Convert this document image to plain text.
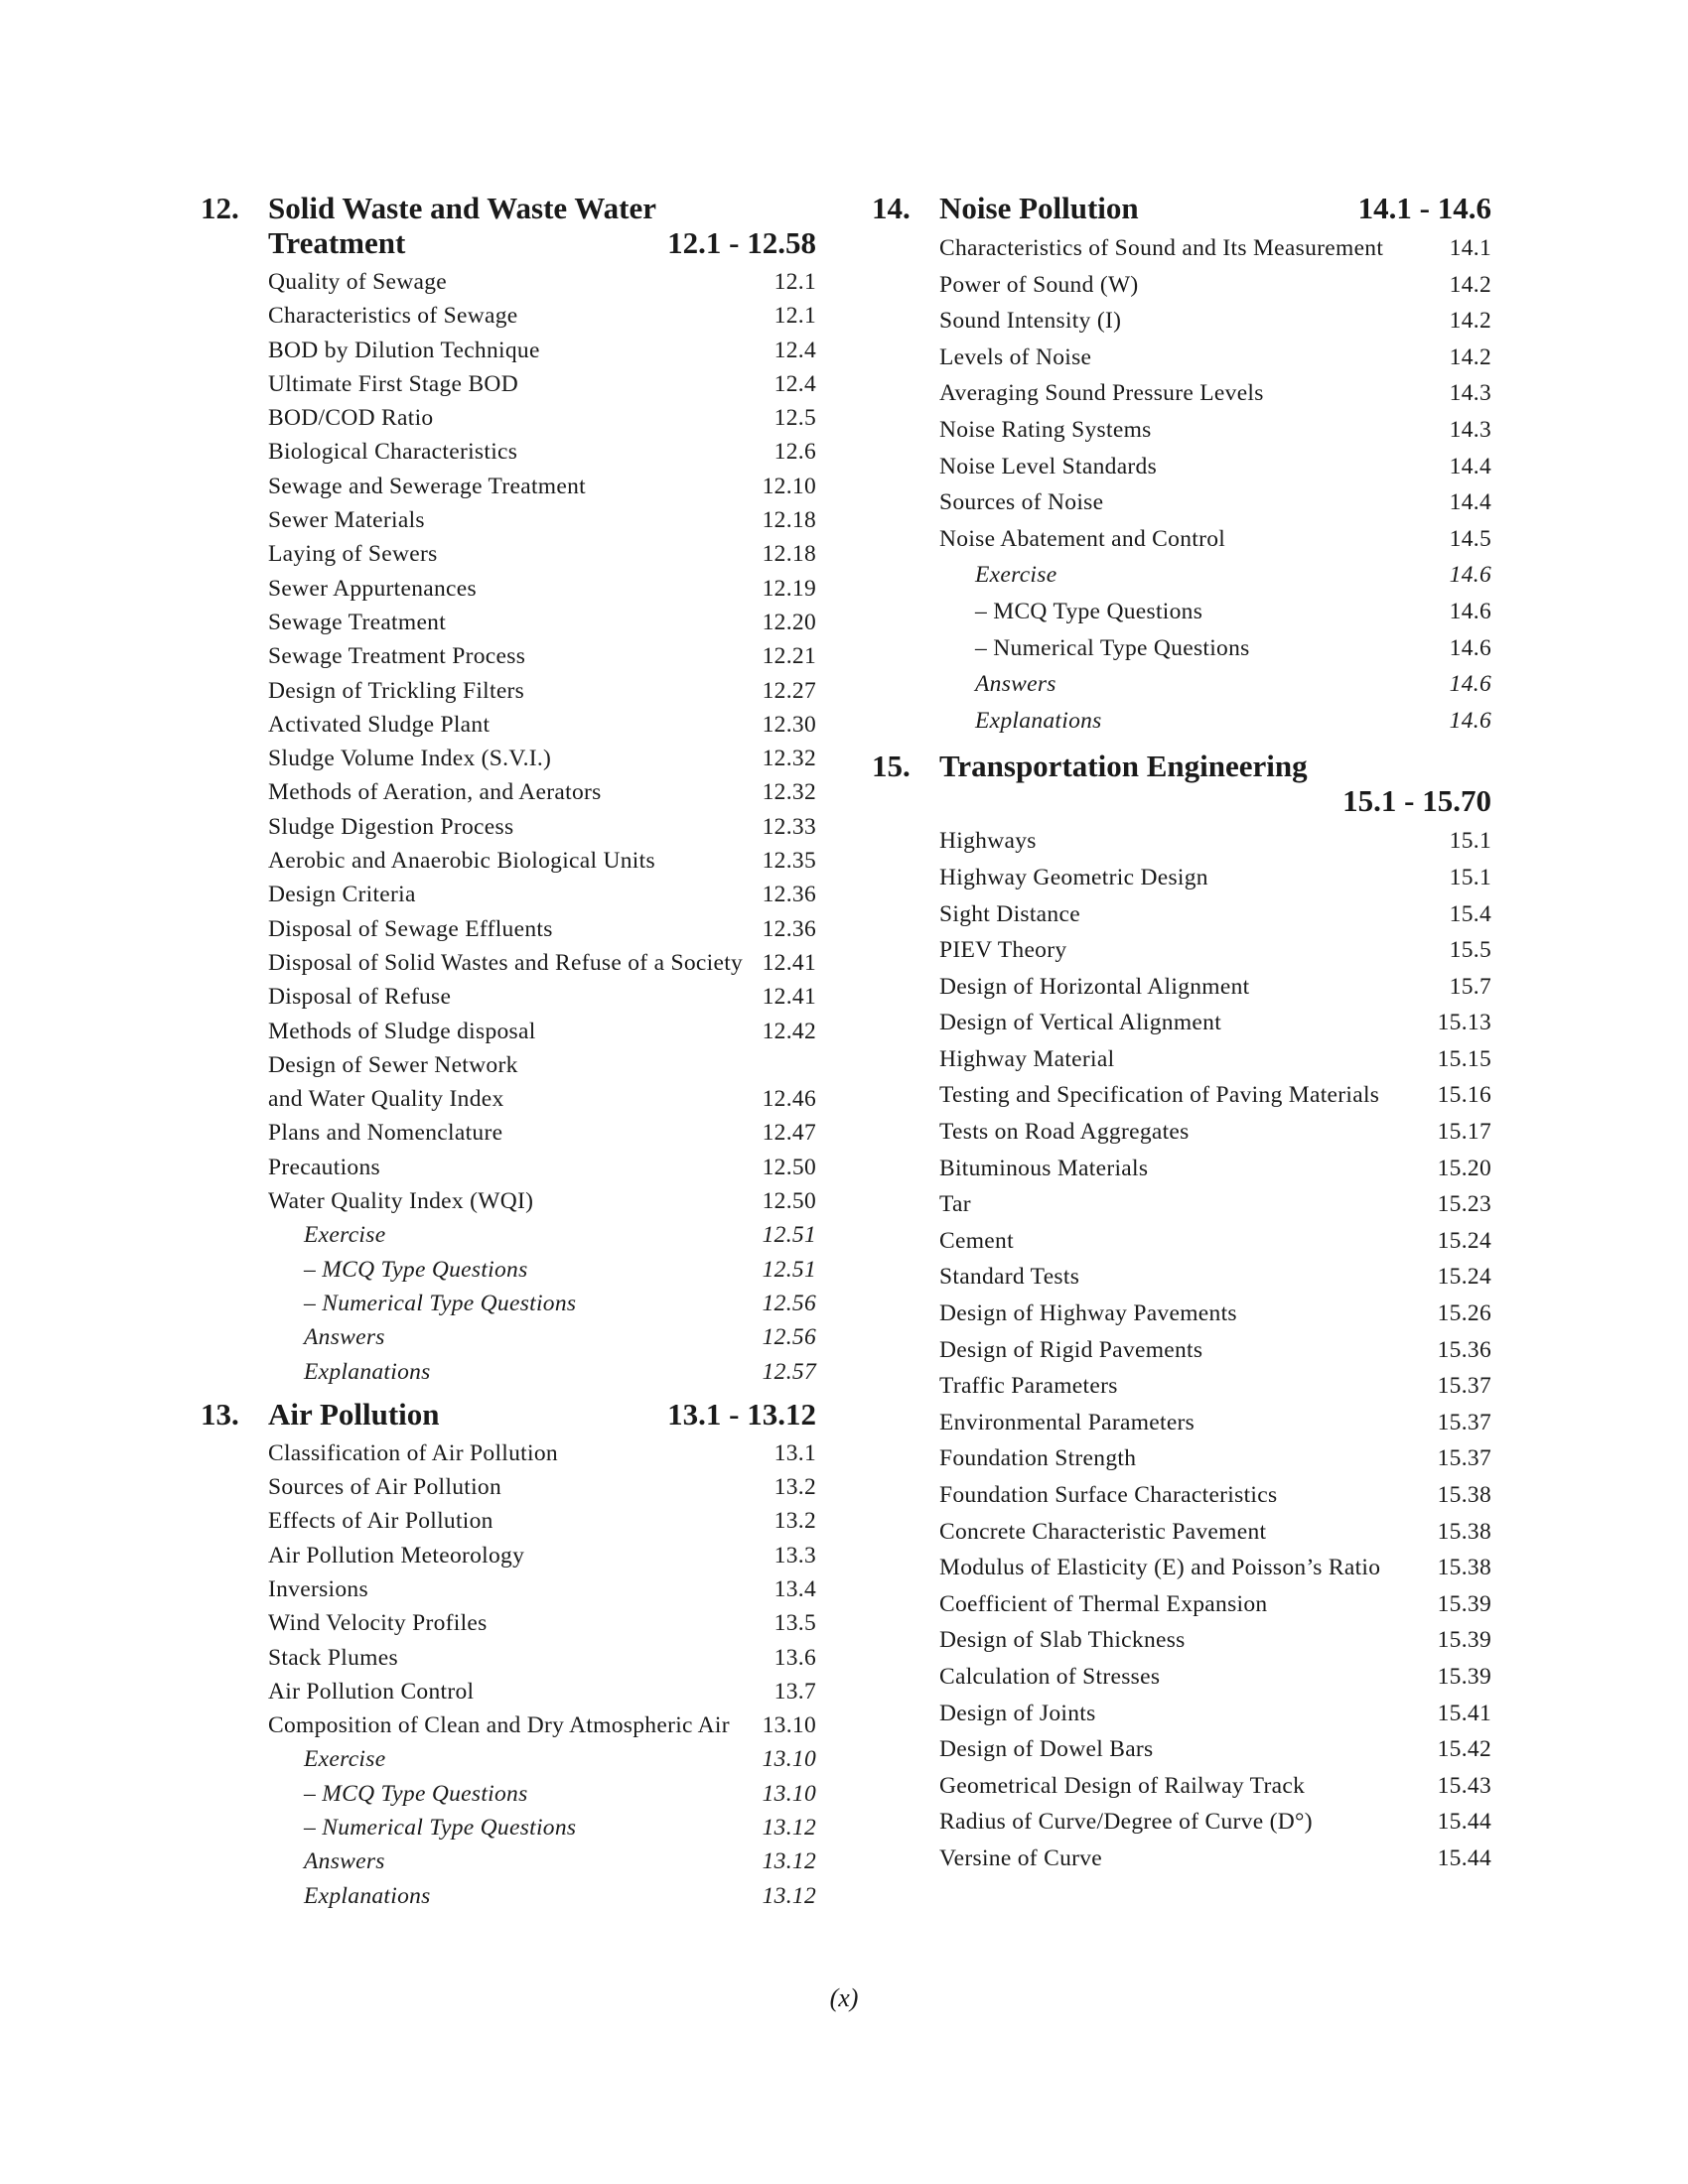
12. Solid Waste and Waste Water
Treatment	12.1 - 12.58
Quality of Sewage	12.1
Characteristics of Sewage	12.1
BOD by Dilution Technique	12.4
Ultimate First Stage BOD	12.4
BOD/COD Ratio	12.5
Biological Characteristics	12.6
Sewage and Sewerage Treatment	12.10
Sewer Materials	12.18
Laying of Sewers	12.18
Sewer Appurtenances	12.19
Sewage Treatment	12.20
Sewage Treatment Process	12.21
Design of Trickling Filters	12.27
Activated Sludge Plant	12.30
Sludge Volume Index (S.V.I.)	12.32
Methods of Aeration, and Aerators	12.32
Sludge Digestion Process	12.33
Aerobic and Anaerobic Biological Units	12.35
Design Criteria	12.36
Disposal of Sewage Effluents	12.36
Disposal of Solid Wastes and Refuse of a Society 12.41
Disposal of Refuse	12.41
Methods of Sludge disposal	12.42
Design of Sewer Network
and Water Quality Index	12.46
Plans and Nomenclature	12.47
Precautions	12.50
Water Quality Index (WQI)	12.50
Exercise	12.51
– MCQ Type Questions	12.51
– Numerical Type Questions	12.56
Answers	12.56
Explanations	12.57
13. Air Pollution	13.1 - 13.12
Classification of Air Pollution	13.1
Sources of Air Pollution	13.2
Effects of Air Pollution	13.2
Air Pollution Meteorology	13.3
Inversions	13.4
Wind Velocity Profiles	13.5
Stack Plumes	13.6
Air Pollution Control	13.7
Composition of Clean and Dry Atmospheric Air	13.10
Exercise	13.10
– MCQ Type Questions	13.10
– Numerical Type Questions	13.12
Answers	13.12
Explanations	13.12
14. Noise Pollution	14.1 - 14.6
Characteristics of Sound and Its Measurement	14.1
Power of Sound (W)	14.2
Sound Intensity (I)	14.2
Levels of Noise	14.2
Averaging Sound Pressure Levels	14.3
Noise Rating Systems	14.3
Noise Level Standards	14.4
Sources of Noise	14.4
Noise Abatement and Control	14.5
Exercise	14.6
– MCQ Type Questions	14.6
– Numerical Type Questions	14.6
Answers	14.6
Explanations	14.6
15. Transportation Engineering
15.1 - 15.70
Highways	15.1
Highway Geometric Design	15.1
Sight Distance	15.4
PIEV Theory	15.5
Design of Horizontal Alignment	15.7
Design of Vertical Alignment	15.13
Highway Material	15.15
Testing and Specification of Paving Materials	15.16
Tests on Road Aggregates	15.17
Bituminous Materials	15.20
Tar	15.23
Cement	15.24
Standard Tests	15.24
Design of Highway Pavements	15.26
Design of Rigid Pavements	15.36
Traffic Parameters	15.37
Environmental Parameters	15.37
Foundation Strength	15.37
Foundation Surface Characteristics	15.38
Concrete Characteristic Pavement	15.38
Modulus of Elasticity (E) and Poisson’s Ratio	15.38
Coefficient of Thermal Expansion	15.39
Design of Slab Thickness	15.39
Calculation of Stresses	15.39
Design of Joints	15.41
Design of Dowel Bars	15.42
Geometrical Design of Railway Track	15.43
Radius of Curve/Degree of Curve (D°)	15.44
Versine of Curve	15.44
(x)
